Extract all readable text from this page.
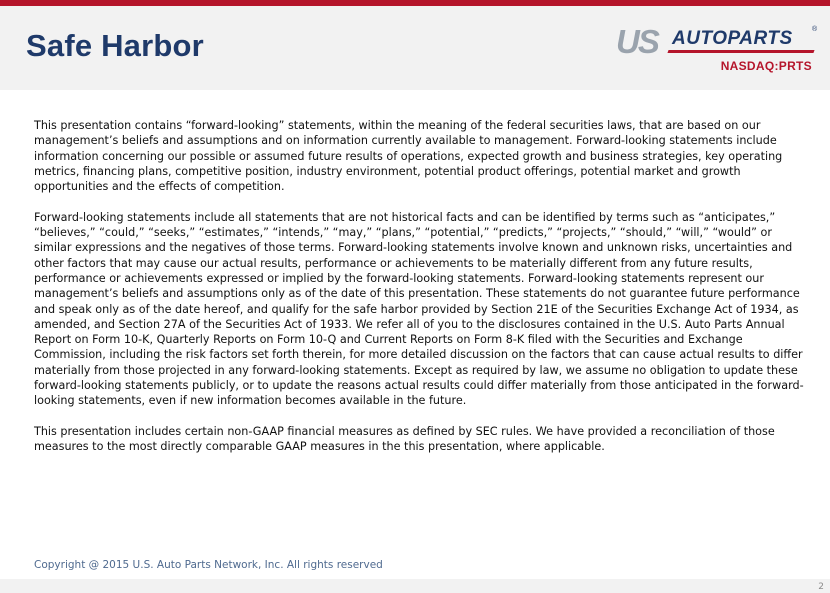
Safe Harbor	US AUTOPARTS	®
NASDAQ:PRTS

This presentation contains “forward-looking” statements, within the meaning of the federal securities laws, that are based on our management’s beliefs and assumptions and on information currently available to management. Forward-looking statements include information concerning our possible or assumed future results of operations, expected growth and business strategies, key operating metrics, financing plans, competitive position, industry environment, potential product offerings, potential market and growth opportunities and the effects of competition.

Forward-looking statements include all statements that are not historical facts and can be identified by terms such as “anticipates,” “believes,” “could,” “seeks,” “estimates,” “intends,” “may,” “plans,” “potential,” “predicts,” “projects,” “should,” “will,” “would” or similar expressions and the negatives of those terms. Forward-looking statements involve known and unknown risks, uncertainties and other factors that may cause our actual results, performance or achievements to be materially different from any future results, performance or achievements expressed or implied by the forward-looking statements. Forward-looking statements represent our management’s beliefs and assumptions only as of the date of this presentation. These statements do not guarantee future performance and speak only as of the date hereof, and qualify for the safe harbor provided by Section 21E of the Securities Exchange Act of 1934, as amended, and Section 27A of the Securities Act of 1933. We refer all of you to the disclosures contained in the U.S. Auto Parts Annual Report on Form 10-K, Quarterly Reports on Form 10-Q and Current Reports on Form 8-K filed with the Securities and Exchange Commission, including the risk factors set forth therein, for more detailed discussion on the factors that can cause actual results to differ materially from those projected in any forward-looking statements. Except as required by law, we assume no obligation to update these forward-looking statements publicly, or to update the reasons actual results could differ materially from those anticipated in the forward-looking statements, even if new information becomes available in the future.

This presentation includes certain non-GAAP financial measures as defined by SEC rules. We have provided a reconciliation of those measures to the most directly comparable GAAP measures in the this presentation, where applicable.

Copyright @ 2015 U.S. Auto Parts Network, Inc. All rights reserved
2
